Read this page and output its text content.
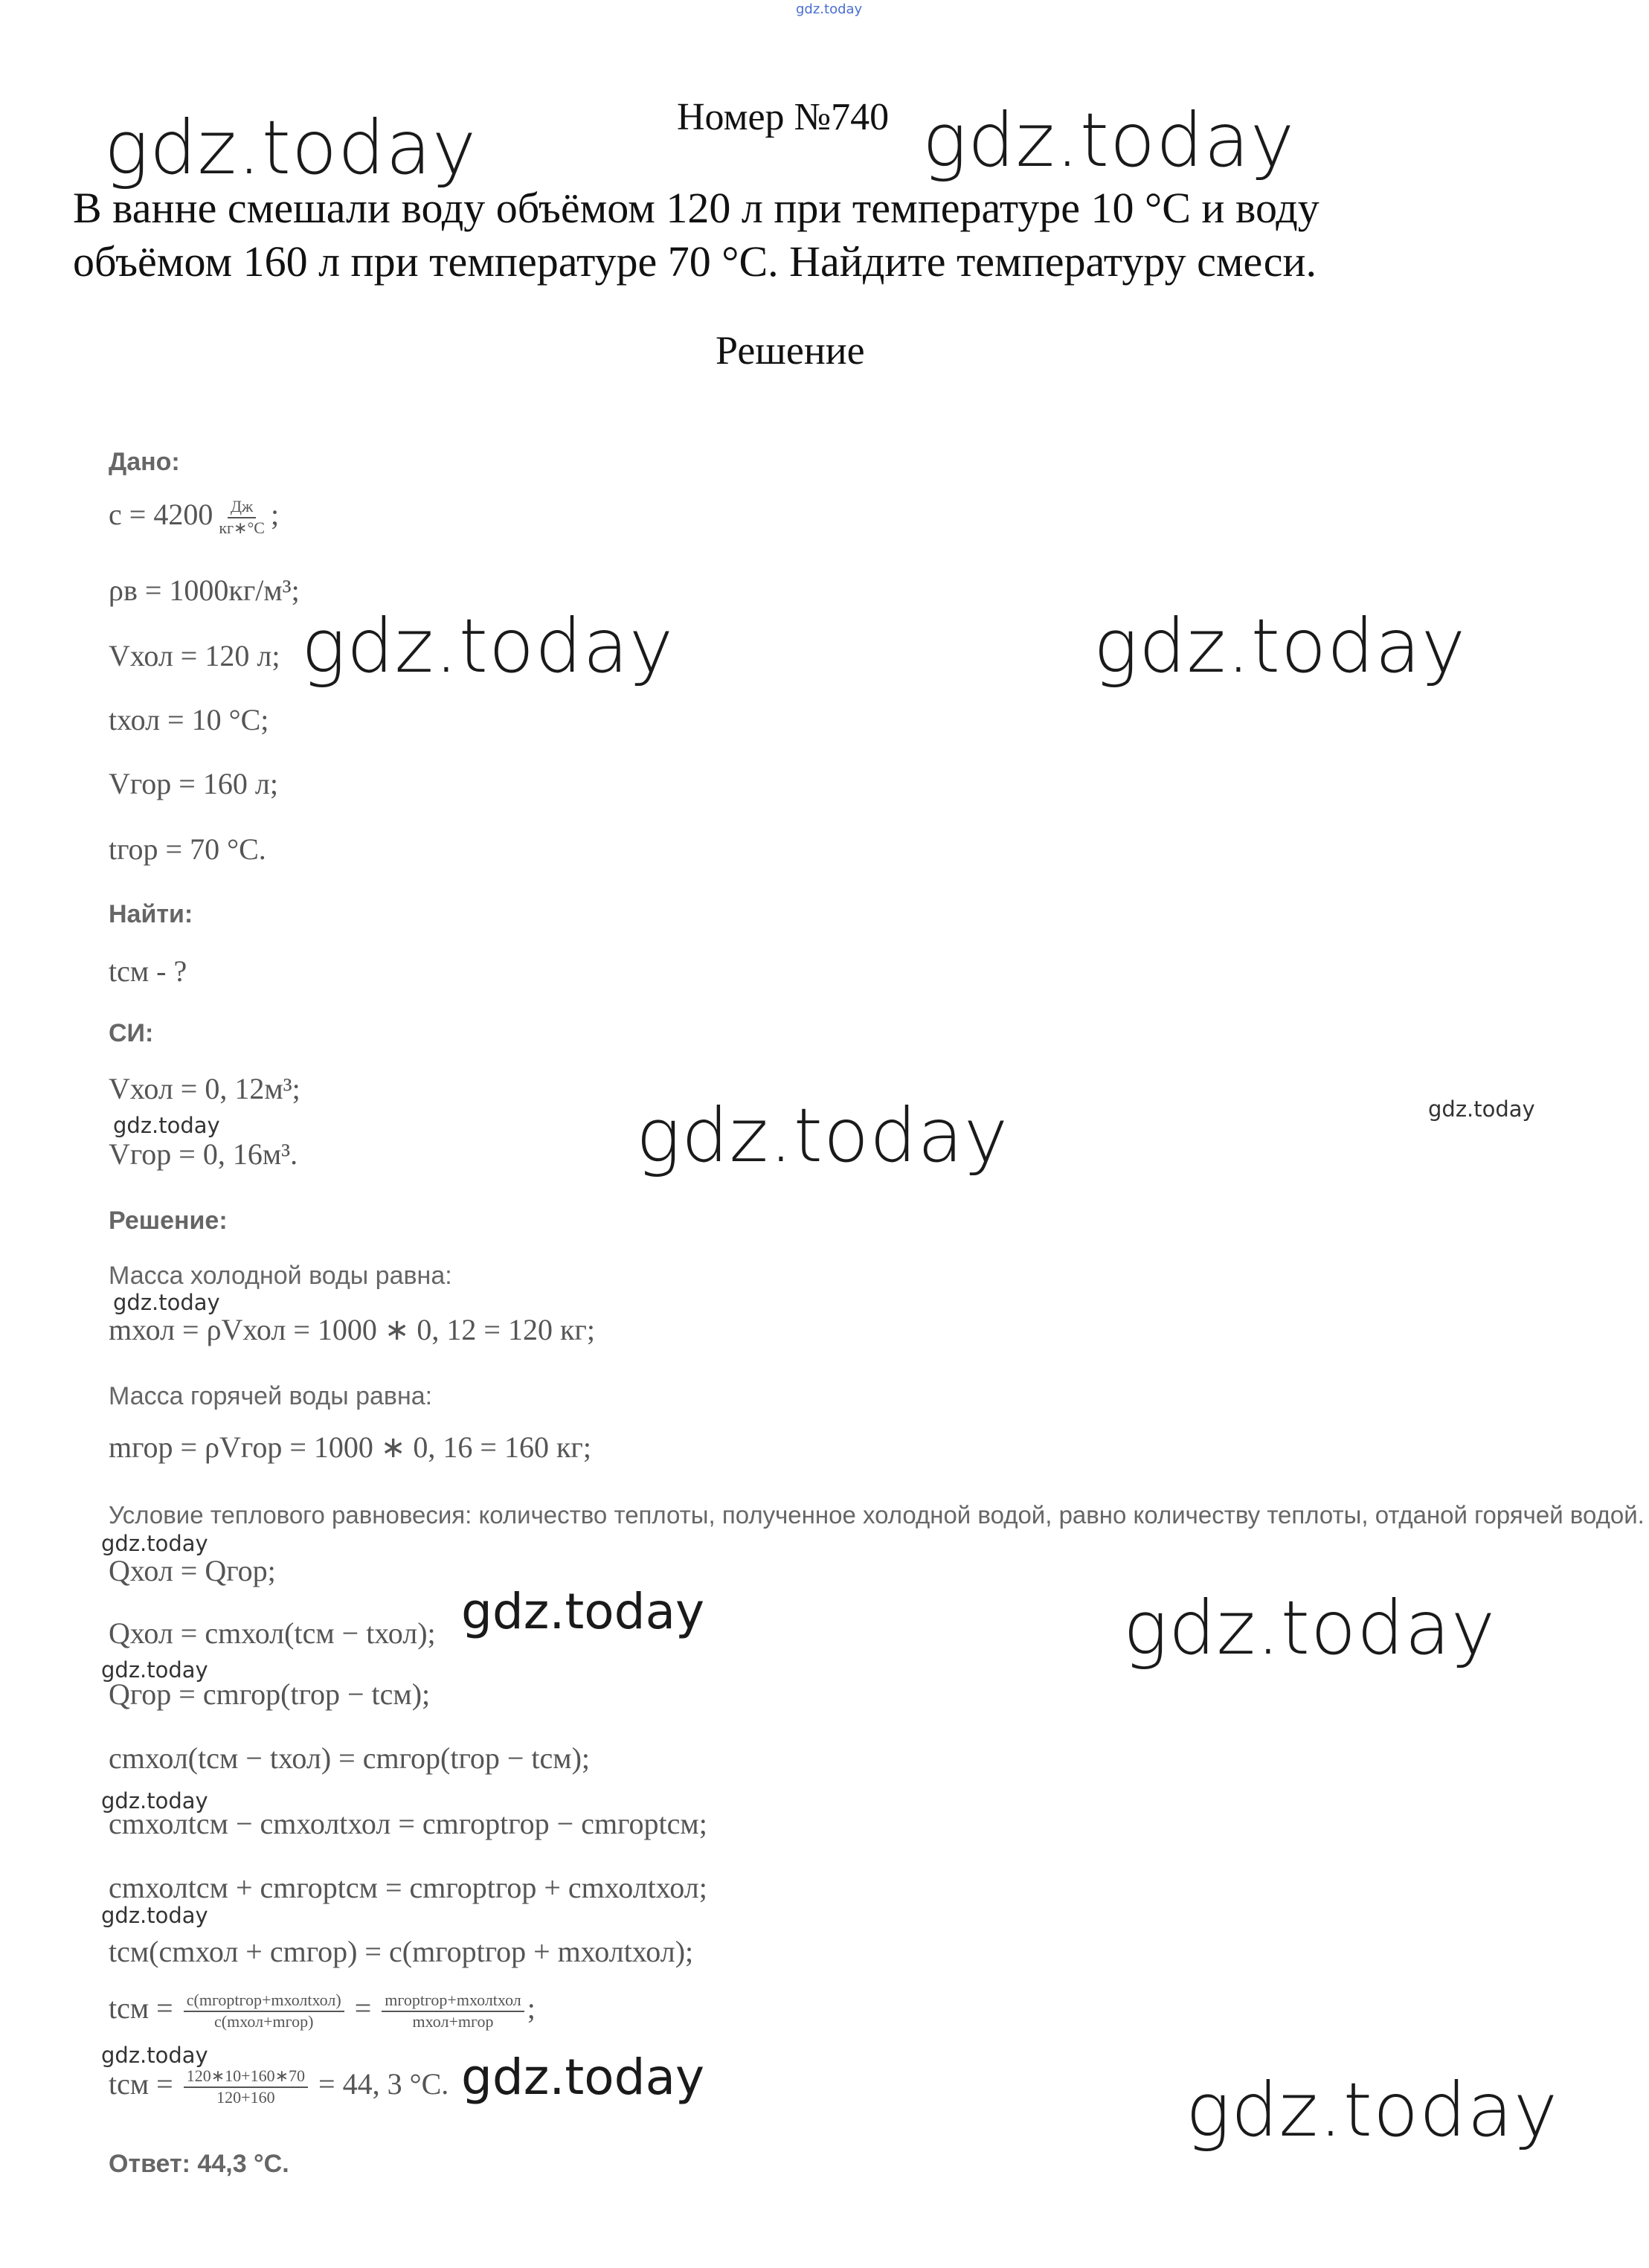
gdz.today
Номер №740
В ванне смешали воду объёмом 120 л при температуре 10 °С и воду
объёмом 160 л при температуре 70 °С. Найдите температуру смеси.
Решение
Дано:
$c = 4200 \frac{Дж}{кг∗^\circ С}$ ;
ρв = 1000кг/м³;
Vхол = 120 л;
tхол = 10 °С;
Vгор = 160 л;
tгор = 70 °С.
Найти:
tсм - ?
СИ:
Vхол = 0, 12м³;
Vгор = 0, 16м³.
Решение:
Масса холодной воды равна:
mхол = ρVхол = 1000 ∗ 0, 12 = 120 кг;
Масса горячей воды равна:
mгор = ρVгор = 1000 ∗ 0, 16 = 160 кг;
Условие теплового равновесия: количество теплоты, полученное холодной водой, равно количеству теплоты, отданой горячей водой.
Qхол = Qгор;
Qхол = cmхол(tсм − tхол);
Qгор = cmгор(tгор − tсм);
cmхол(tсм − tхол) = cmгор(tгор − tсм);
cmхолtсм − cmхолtхол = cmгорtгор − cmгорtсм;
cmхолtсм + cmгорtсм = cmгорtгор + cmхолtхол;
tсм(cmхол + cmгор) = c(mгорtгор + mхолtхол);
tсм = $\frac{\text{c(mгорtгор+mхолtхол)}}{\text{c(mхол+mгор)}} = \frac{\text{mгорtгор+mхолtхол}}{\text{mхол+mгор}}$ ;
tсм = $\frac{120∗10+160∗70}{120+160} = 44$, 3 °С.
Ответ: 44,3 °С.
gdz.today	gdz.today
gdz.today	gdz.today
gdz.today	gdz.today	gdz.today
gdz.today
gdz.today
gdz.today	gdz.today
gdz.today
gdz.today
gdz.today
gdz.today	gdz.today	gdz.today
